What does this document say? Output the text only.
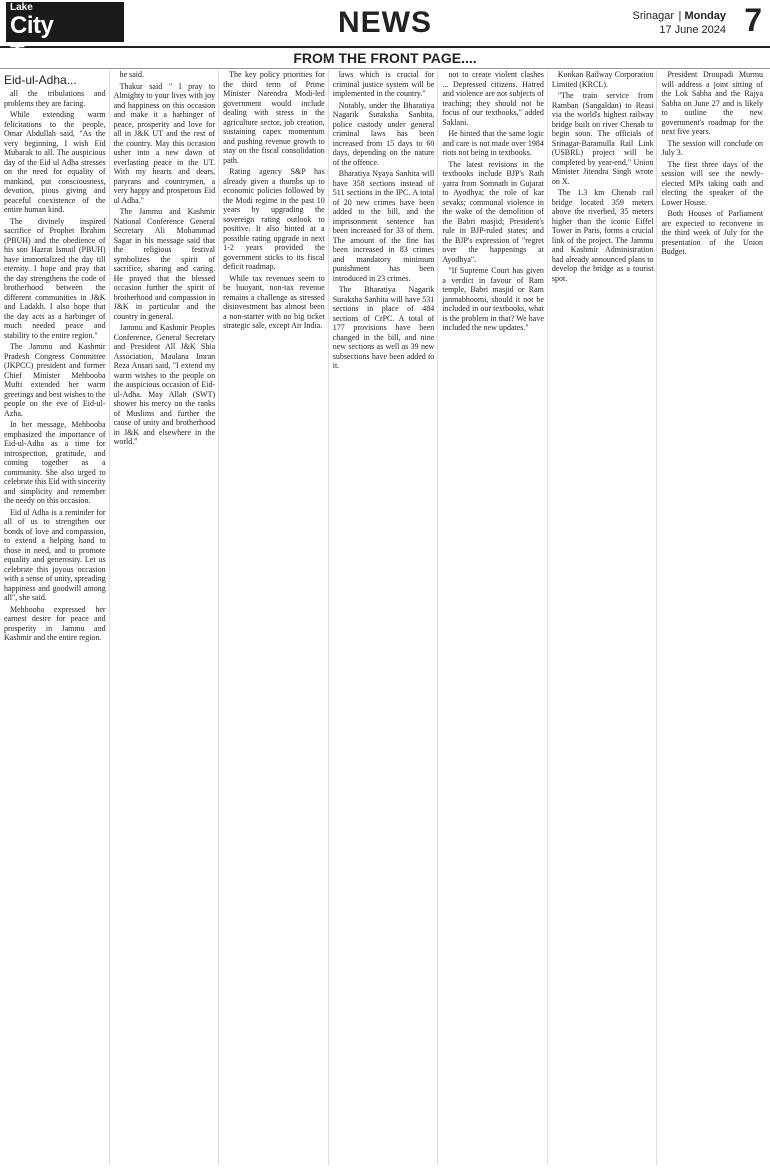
Lake
City Times
NEWS	Srinagar | Monday
17 June 2024 7
FROM THE FRONT PAGE....
Eid-ul-Adha...

all the tribulations and problems they are facing.

While extending warm felicitations to the people, Omar Abdullah said, "As the very beginning, I wish Eid Mubarak to all. The auspicious day of the Eid ul Adha stresses on the need for equality of mankind, put consciousness, devotion, pious giving and peaceful coexistence of the entire human kind.

The divinely inspired sacrifice of Prophet Ibrahim (PBUH) and the obedience of his son Hazrat Ismail (PBUH) have immortalized the day till eternity. I hope and pray that the day strengthens the code of brotherhood between the different communities in J&K and Ladakh. I also hope that the day acts as a harbinger of much needed peace and stability to the entire region."

The Jammu and Kashmir Pradesh Congress Committee (JKPCC) president and former Chief Minister Mehbooba Mufti extended her warm greetings and best wishes to the people on the eve of Eid-ul-Azha.

In her message, Mehbooba emphasized the importance of Eid-ul-Adha as a time for introspection, gratitude, and coming together as a community. She also urged to celebrate this Eid with sincerity and simplicity and remember the needy on this occasion.

Eid ul Adha is a reminder for all of us to strengthen our bonds of love and compassion, to extend a helping hand to those in need, and to promote equality and generosity. Let us celebrate this joyous occasion with a sense of unity, spreading happiness and goodwill among all", she said.

Mehbooba expressed her earnest desire for peace and prosperity in Jammu and Kashmir and the entire region.

he said.

Thakur said " I pray to Almighty to your lives with joy and happiness on this occasion and make it a harbinger of peace, prosperity and love for all in J&K UT and the rest of the country. May this occasion usher into a new dawn of everlasting peace in the UT. With my hearts and dears, paryrans and countrymen, a very happy and prosperous Eid ul Adha."

The Jammu and Kashmir National Conference General Secretary Ali Mohammad Sagar in his message said that the religious festival symbolizes the spirit of sacrifice, sharing and caring. He prayed that the blessed occasion further the spirit of brotherhood and compassion in J&K in particular and the country in general.

Jammu and Kashmir Peoples Conference, General Secretary and President All J&K Shia Association, Maulana Imran Reza Ansari said, "I extend my warm wishes to the people on the auspicious occasion of Eid-ul-Adha. May Allah (SWT) shower his mercy on the ranks of Muslims and further the cause of unity and brotherhood in J&K and elsewhere in the world."

The key policy priorities for the third term of Prime Minister Narendra Modi-led government would include dealing with stress in the agriculture sector, job creation, sustaining capex momentum and pushing revenue growth to stay on the fiscal consolidation path.

Rating agency S&P has already given a thumbs up to economic policies followed by the Modi regime in the past 10 years by upgrading the sovereign rating outlook to positive. It also hinted at a possible rating upgrade in next 1-2 years provided the government sticks to its fiscal deficit roadmap.

While tax revenues seem to be buoyant, non-tax revenue remains a challenge as stressed disinvestment has almost been a non-starter with no big ticket strategic sale, except Air India.

laws which is crucial for criminal justice system will be implemented in the country."

Notably, under the Bharatiya Nagarik Suraksha Sanhita, police custody under general criminal laws has been increased from 15 days to 60 days, depending on the nature of the offence.

Bharatiya Nyaya Sanhita will have 358 sections instead of 511 sections in the IPC. A total of 20 new crimes have been added to the bill, and the imprisonment sentence has been increased for 33 of them. The amount of the fine has been increased in 83 crimes and mandatory minimum punishment has been introduced in 23 crimes.

The Bharatiya Nagarik Suraksha Sanhita will have 531 sections in place of 484 sections of CrPC. A total of 177 provisions have been changed in the bill, and nine new sections as well as 39 new subsections have been added to it.

not to create violent clashes ... Depressed citizens. Hatred and violence are not subjects of teaching; they should not be focus of our textbooks," added Saklani.

He hinted that the same logic and care is not made over 1984 riots not being in textbooks.

The latest revisions in the textbooks include BJP's Rath yatra from Somnath in Gujarat to Ayodhya; the role of kar sevaks; communal violence in the wake of the demolition of the Babri masjid; President's rule in BJP-ruled states; and the BJP's expression of "regret over the happenings at Ayodhya".

"If Supreme Court has given a verdict in favour of Ram temple, Babri masjid or Ram janmabhoomi, should it not be included in our textbooks, what is the problem in that? We have included the new updates."

Konkan Railway Corporation Limited (KRCL).

"The train service from Ramban (Sangaldan) to Reasi via the world's highest railway bridge built on river Chenab to begin soon. The officials of Srinagar-Baramulla Rail Link (USBRL) project will be completed by year-end," Union Minister Jitendra Singh wrote on X.

The 1.3 km Chenab rail bridge located 359 meters above the riverbed, 35 meters higher than the iconic Eiffel Tower in Paris, forms a crucial link of the project. The Jammu and Kashmir Administration had already announced plans to develop the bridge as a tourist spot.

President Droupadi Murmu will address a joint sitting of the Lok Sabha and the Rajya Sabha on June 27 and is likely to outline the new government's roadmap for the next five years.

The session will conclude on July 3.

The first three days of the session will see the newly-elected MPs taking oath and electing the speaker of the Lower House.

Both Houses of Parliament are expected to reconvene in the third week of July for the presentation of the Union Budget.
